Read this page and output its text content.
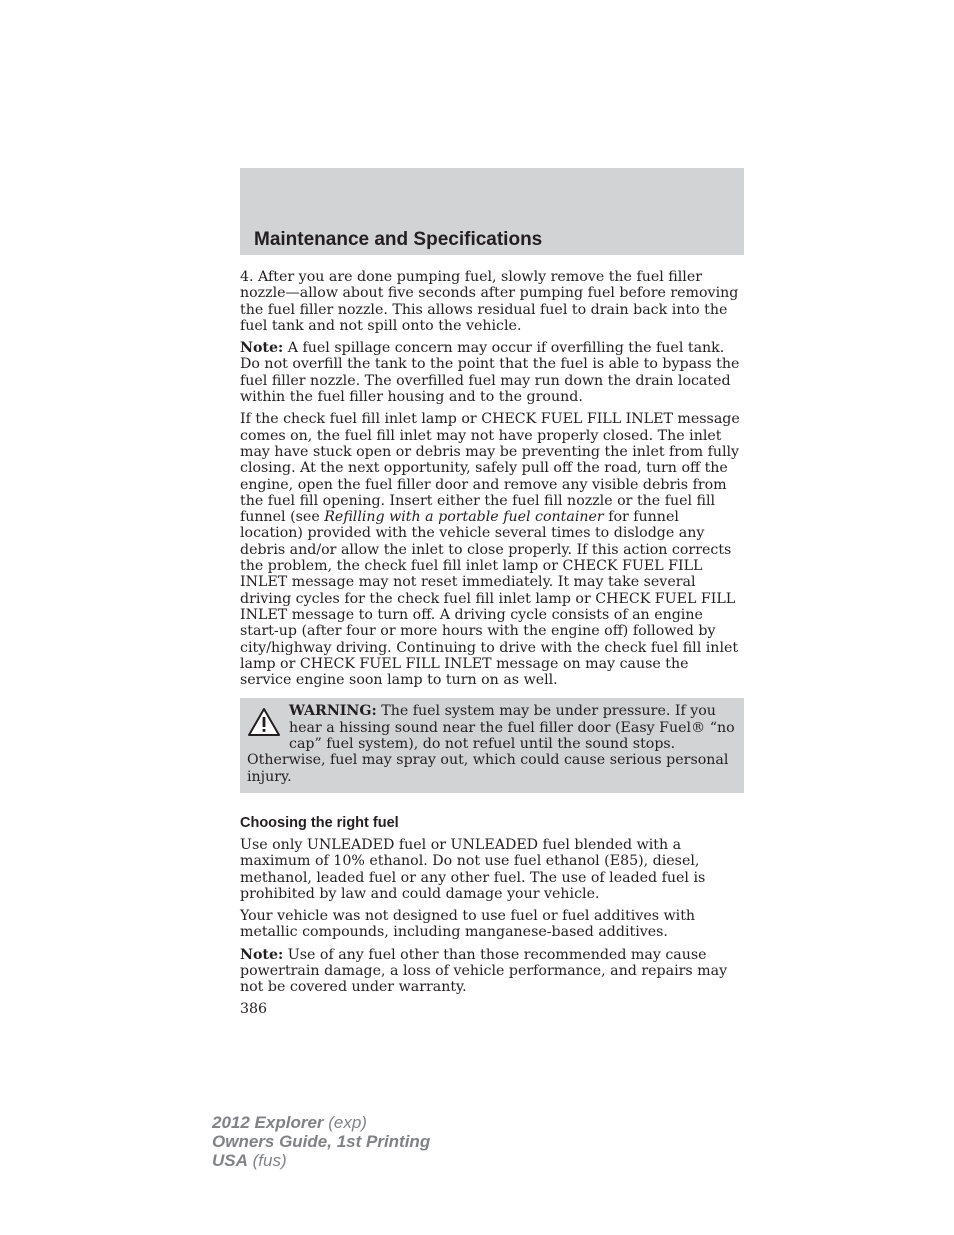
Maintenance and Specifications

4. After you are done pumping fuel, slowly remove the fuel filler nozzle—allow about five seconds after pumping fuel before removing the fuel filler nozzle. This allows residual fuel to drain back into the fuel tank and not spill onto the vehicle.

Note: A fuel spillage concern may occur if overfilling the fuel tank. Do not overfill the tank to the point that the fuel is able to bypass the fuel filler nozzle. The overfilled fuel may run down the drain located within the fuel filler housing and to the ground.

If the check fuel fill inlet lamp or CHECK FUEL FILL INLET message comes on, the fuel fill inlet may not have properly closed. The inlet may have stuck open or debris may be preventing the inlet from fully closing. At the next opportunity, safely pull off the road, turn off the engine, open the fuel filler door and remove any visible debris from the fuel fill opening. Insert either the fuel fill nozzle or the fuel fill funnel (see Refilling with a portable fuel container for funnel location) provided with the vehicle several times to dislodge any debris and/or allow the inlet to close properly. If this action corrects the problem, the check fuel fill inlet lamp or CHECK FUEL FILL INLET message may not reset immediately. It may take several driving cycles for the check fuel fill inlet lamp or CHECK FUEL FILL INLET message to turn off. A driving cycle consists of an engine start-up (after four or more hours with the engine off) followed by city/highway driving. Continuing to drive with the check fuel fill inlet lamp or CHECK FUEL FILL INLET message on may cause the service engine soon lamp to turn on as well.

WARNING: The fuel system may be under pressure. If you hear a hissing sound near the fuel filler door (Easy Fuel® “no cap” fuel system), do not refuel until the sound stops. Otherwise, fuel may spray out, which could cause serious personal injury.
Choosing the right fuel

Use only UNLEADED fuel or UNLEADED fuel blended with a maximum of 10% ethanol. Do not use fuel ethanol (E85), diesel, methanol, leaded fuel or any other fuel. The use of leaded fuel is prohibited by law and could damage your vehicle.

Your vehicle was not designed to use fuel or fuel additives with metallic compounds, including manganese-based additives.

Note: Use of any fuel other than those recommended may cause powertrain damage, a loss of vehicle performance, and repairs may not be covered under warranty.

386
2012 Explorer (exp)
Owners Guide, 1st Printing
USA (fus)
